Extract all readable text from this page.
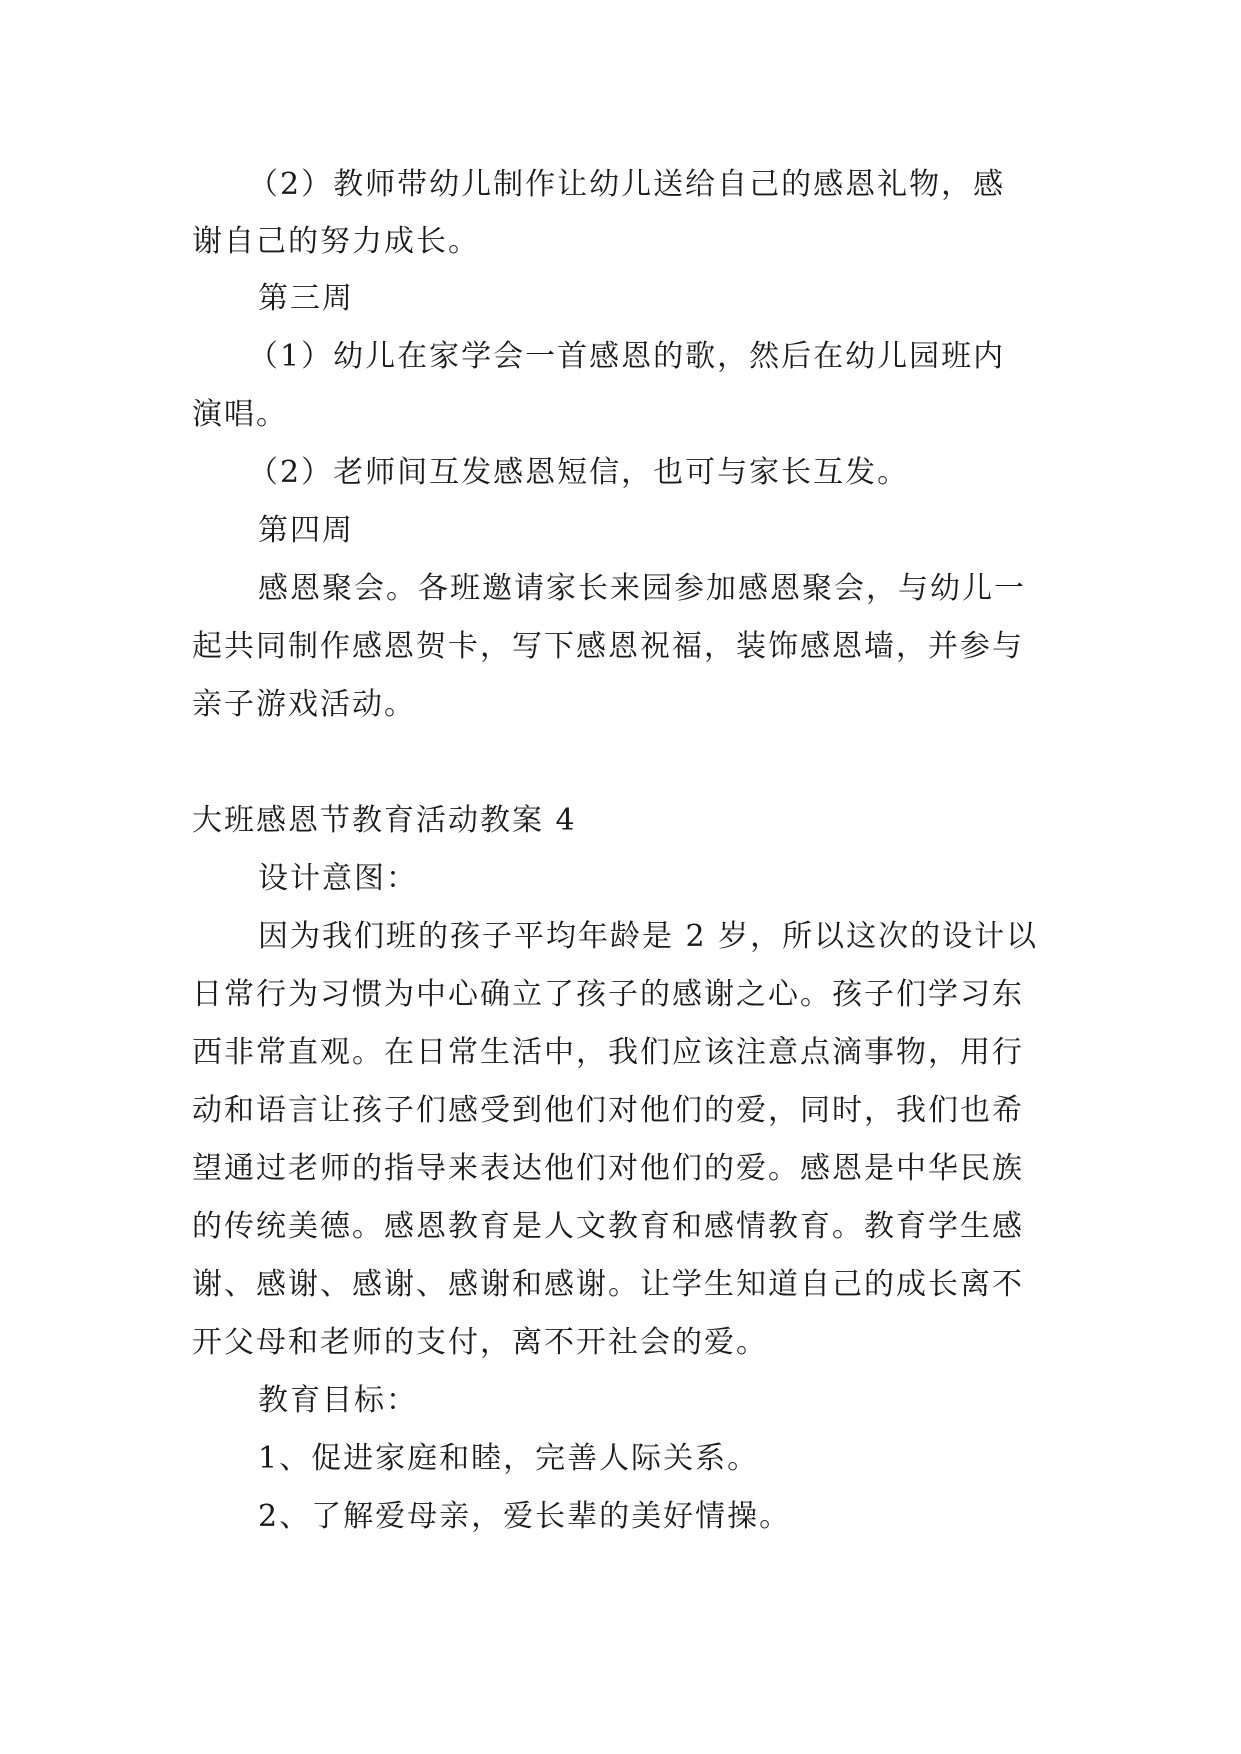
（2）教师带幼儿制作让幼儿送给自己的感恩礼物，感
谢自己的努力成长。
第三周
（1）幼儿在家学会一首感恩的歌，然后在幼儿园班内
演唱。
（2）老师间互发感恩短信，也可与家长互发。
第四周
感恩聚会。各班邀请家长来园参加感恩聚会，与幼儿一
起共同制作感恩贺卡，写下感恩祝福，装饰感恩墙，并参与
亲子游戏活动。
大班感恩节教育活动教案 4
设计意图：
因为我们班的孩子平均年龄是 2 岁，所以这次的设计以
日常行为习惯为中心确立了孩子的感谢之心。孩子们学习东
西非常直观。在日常生活中，我们应该注意点滴事物，用行
动和语言让孩子们感受到他们对他们的爱，同时，我们也希
望通过老师的指导来表达他们对他们的爱。感恩是中华民族
的传统美德。感恩教育是人文教育和感情教育。教育学生感
谢、感谢、感谢、感谢和感谢。让学生知道自己的成长离不
开父母和老师的支付，离不开社会的爱。
教育目标：
1、促进家庭和睦，完善人际关系。
2、了解爱母亲，爱长辈的美好情操。
